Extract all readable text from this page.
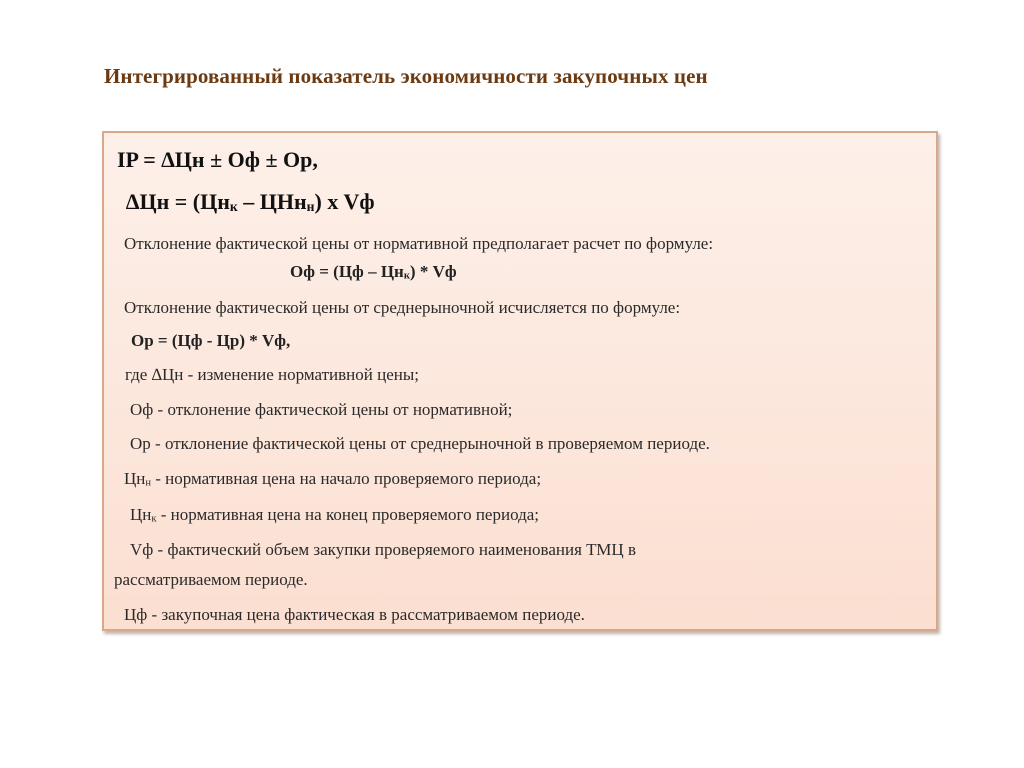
Интегрированный показатель экономичности закупочных цен
IP = ∆Цн ± Оф ± Ор,
$\Delta Цн = (Цн_к - ЦНн_н)$ x Vф
Отклонение фактической цены от нормативной предполагает расчет по формуле:
Оф = $(Цф - Цн_к)$ * Vф
Отклонение фактической цены от среднерыночной исчисляется по формуле:
Ор = (Цф - Цр) * Vф,
где ∆Цн - изменение нормативной цены;
Оф - отклонение фактической цены от нормативной;
Ор - отклонение фактической цены от среднерыночной в проверяемом периоде.
$Цн_н$ - нормативная цена на начало проверяемого периода;
$Цн_к$ - нормативная цена на конец проверяемого периода;
Vф - фактический объем закупки проверяемого наименования ТМЦ в
рассматриваемом периоде.
Цф - закупочная цена фактическая в рассматриваемом периоде.
